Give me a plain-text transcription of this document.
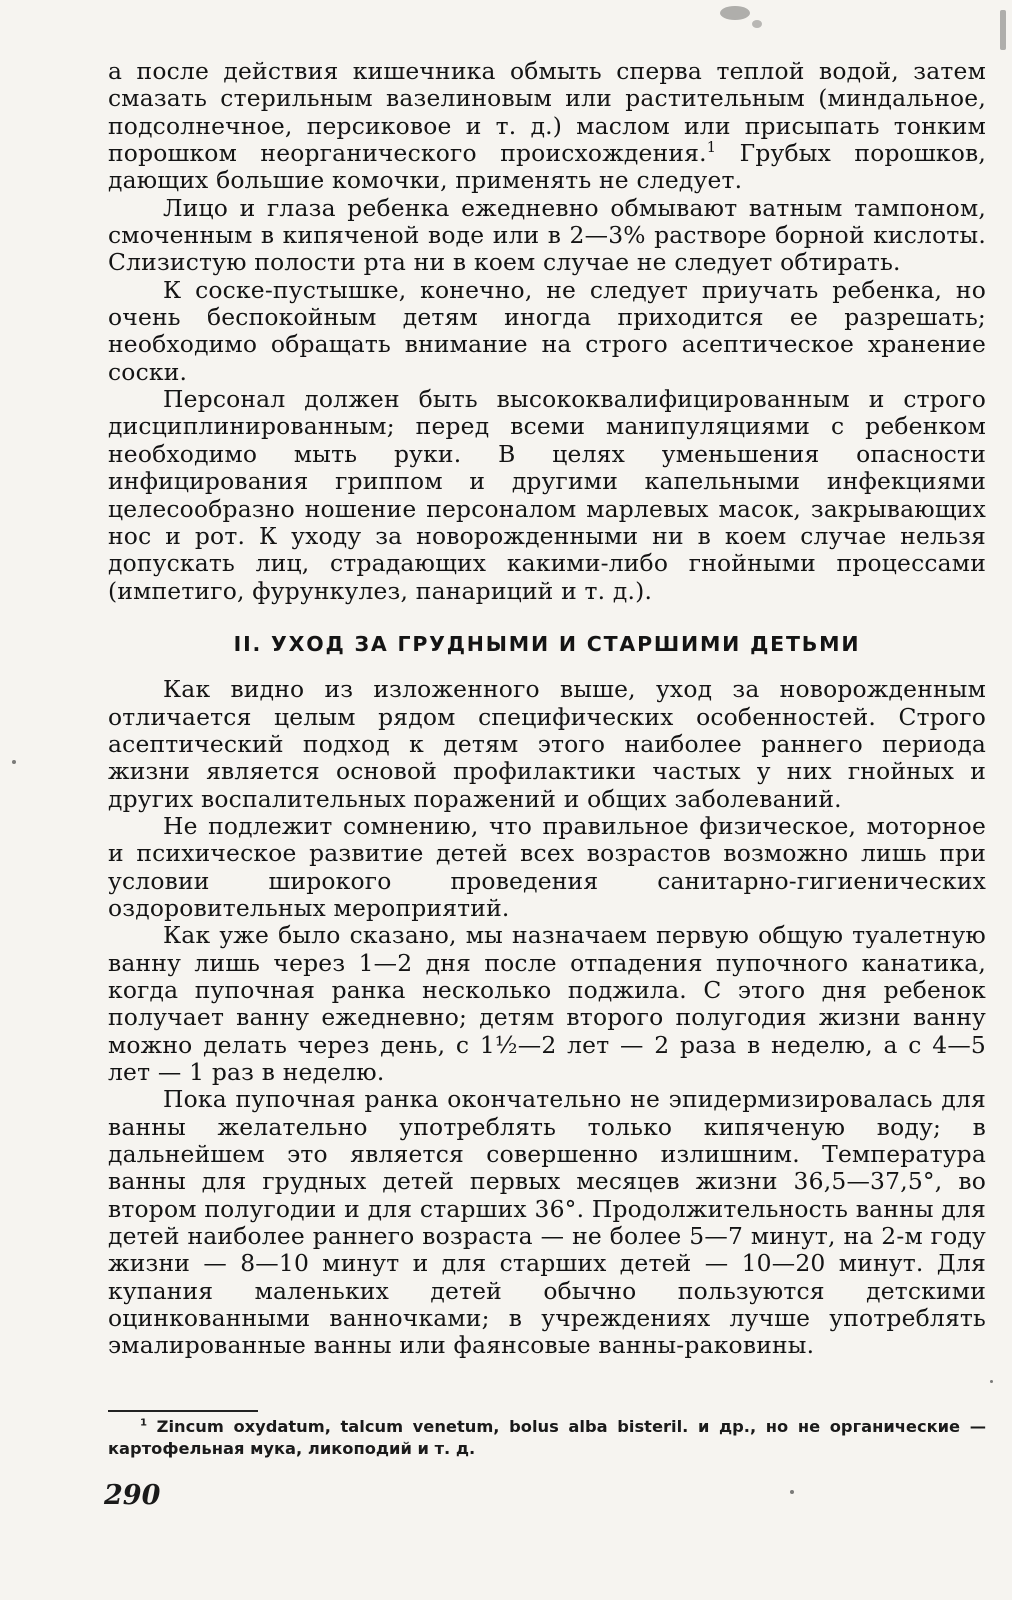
а после действия кишечника обмыть сперва теплой водой, затем смазать стерильным вазелиновым или растительным (миндальное, подсолнечное, персиковое и т. д.) маслом или присыпать тонким порошком неорганического происхождения.$^1$ Грубых порошков, дающих большие комочки, применять не следует.

Лицо и глаза ребенка ежедневно обмывают ватным тампоном, смоченным в кипяченой воде или в 2—3% растворе борной кислоты. Слизистую полости рта ни в коем случае не следует обтирать.

К соске-пустышке, конечно, не следует приучать ребенка, но очень беспокойным детям иногда приходится ее разрешать; необходимо обращать внимание на строго асептическое хранение соски.

Персонал должен быть высококвалифицированным и строго дисциплинированным; перед всеми манипуляциями с ребенком необходимо мыть руки. В целях уменьшения опасности инфицирования гриппом и другими капельными инфекциями целесообразно ношение персоналом марлевых масок, закрывающих нос и рот. К уходу за новорожденными ни в коем случае нельзя допускать лиц, страдающих какими-либо гнойными процессами (импетиго, фурункулез, панариций и т. д.).

II. УХОД ЗА ГРУДНЫМИ И СТАРШИМИ ДЕТЬМИ

Как видно из изложенного выше, уход за новорожденным отличается целым рядом специфических особенностей. Строго асептический подход к детям этого наиболее раннего периода жизни является основой профилактики частых у них гнойных и других воспалительных поражений и общих заболеваний.

Не подлежит сомнению, что правильное физическое, моторное и психическое развитие детей всех возрастов возможно лишь при условии широкого проведения санитарно-гигиенических оздоровительных мероприятий.

Как уже было сказано, мы назначаем первую общую туалетную ванну лишь через 1—2 дня после отпадения пупочного канатика, когда пупочная ранка несколько поджила. С этого дня ребенок получает ванну ежедневно; детям второго полугодия жизни ванну можно делать через день, с 1½—2 лет — 2 раза в неделю, а с 4—5 лет — 1 раз в неделю.

Пока пупочная ранка окончательно не эпидермизировалась для ванны желательно употреблять только кипяченую воду; в дальнейшем это является совершенно излишним. Температура ванны для грудных детей первых месяцев жизни 36,5—37,5°, во втором полугодии и для старших 36°. Продолжительность ванны для детей наиболее раннего возраста — не более 5—7 минут, на 2-м году жизни — 8—10 минут и для старших детей — 10—20 минут. Для купания маленьких детей обычно пользуются детскими оцинкованными ванночками; в учреждениях лучше употреблять эмалированные ванны или фаянсовые ванны-раковины.

$^1$ Zincum oxydatum, talcum venetum, bolus alba bisteril. и др., но не органические — картофельная мука, ликоподий и т. д.
290
